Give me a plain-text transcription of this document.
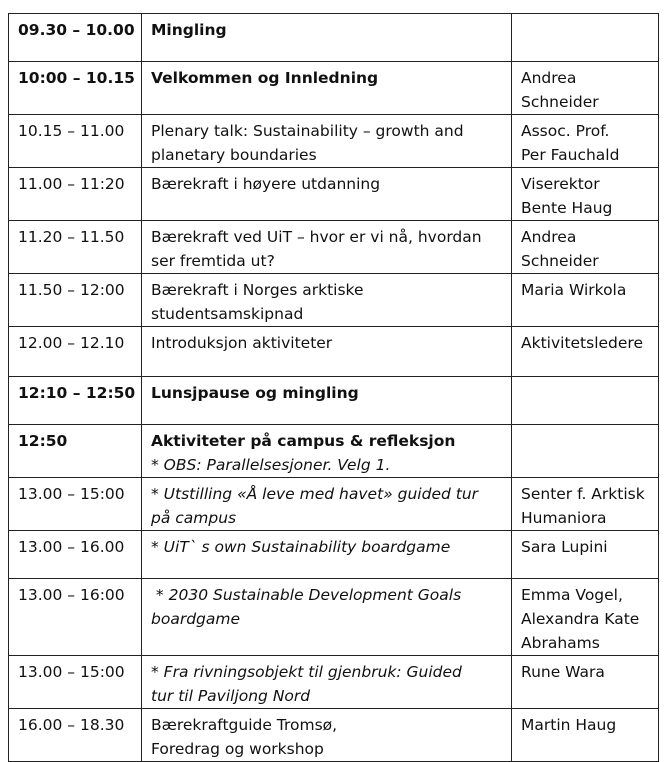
09.30 – 10.00	Mingling	

10:00 – 10.15	Velkommen og Innledning	Andrea
Schneider

10.15 – 11.00	Plenary talk: Sustainability – growth and
planetary boundaries	Assoc. Prof.
Per Fauchald

11.00 – 11:20	Bærekraft i høyere utdanning	Viserektor
Bente Haug

11.20 – 11.50	Bærekraft ved UiT – hvor er vi nå, hvordan
ser fremtida ut?	Andrea
Schneider

11.50 – 12:00	Bærekraft i Norges arktiske
studentsamskipnad	Maria Wirkola

12.00 – 12.10	Introduksjon aktiviteter	Aktivitetsledere

12:10 – 12:50	Lunsjpause og mingling	

12:50	Aktiviteter på campus & refleksjon
* OBS: Parallelsesjoner. Velg 1.	

13.00 – 15:00	* Utstilling «Å leve med havet» guided tur
på campus	Senter f. Arktisk
Humaniora

13.00 – 16.00	* UiT` s own Sustainability boardgame	Sara Lupini

13.00 – 16:00	* 2030 Sustainable Development Goals
boardgame	Emma Vogel,
Alexandra Kate
Abrahams

13.00 – 15:00	* Fra rivningsobjekt til gjenbruk: Guided
tur til Paviljong Nord	Rune Wara

16.00 – 18.30	Bærekraftguide Tromsø,
Foredrag og workshop	Martin Haug
